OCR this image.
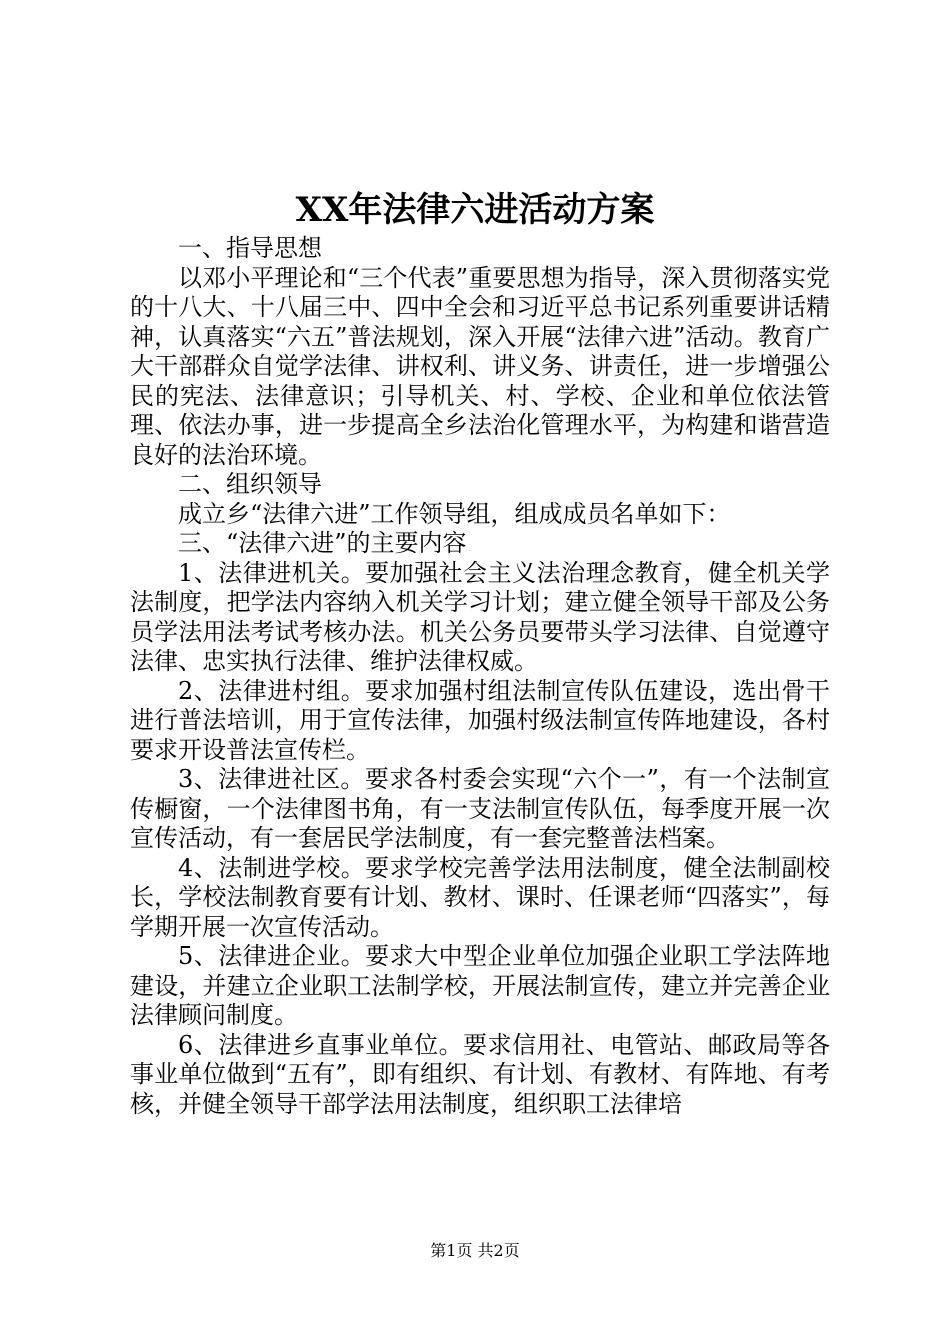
XX年法律六进活动方案

一、指导思想

以邓小平理论和“三个代表”重要思想为指导，深入贯彻落实党的十八大、十八届三中、四中全会和习近平总书记系列重要讲话精神，认真落实“六五”普法规划，深入开展“法律六进”活动。教育广大干部群众自觉学法律、讲权利、讲义务、讲责任，进一步增强公民的宪法、法律意识；引导机关、村、学校、企业和单位依法管理、依法办事，进一步提高全乡法治化管理水平，为构建和谐营造良好的法治环境。

二、组织领导

成立乡“法律六进”工作领导组，组成成员名单如下：

三、“法律六进”的主要内容

1、法律进机关。要加强社会主义法治理念教育，健全机关学法制度，把学法内容纳入机关学习计划；建立健全领导干部及公务员学法用法考试考核办法。机关公务员要带头学习法律、自觉遵守法律、忠实执行法律、维护法律权威。

2、法律进村组。要求加强村组法制宣传队伍建设，选出骨干进行普法培训，用于宣传法律，加强村级法制宣传阵地建设，各村要求开设普法宣传栏。

3、法律进社区。要求各村委会实现“六个一”，有一个法制宣传橱窗，一个法律图书角，有一支法制宣传队伍，每季度开展一次宣传活动，有一套居民学法制度，有一套完整普法档案。

4、法制进学校。要求学校完善学法用法制度，健全法制副校长，学校法制教育要有计划、教材、课时、任课老师“四落实”，每学期开展一次宣传活动。

5、法律进企业。要求大中型企业单位加强企业职工学法阵地建设，并建立企业职工法制学校，开展法制宣传，建立并完善企业法律顾问制度。

6、法律进乡直事业单位。要求信用社、电管站、邮政局等各事业单位做到“五有”，即有组织、有计划、有教材、有阵地、有考核，并健全领导干部学法用法制度，组织职工法律培

第1页 共2页
